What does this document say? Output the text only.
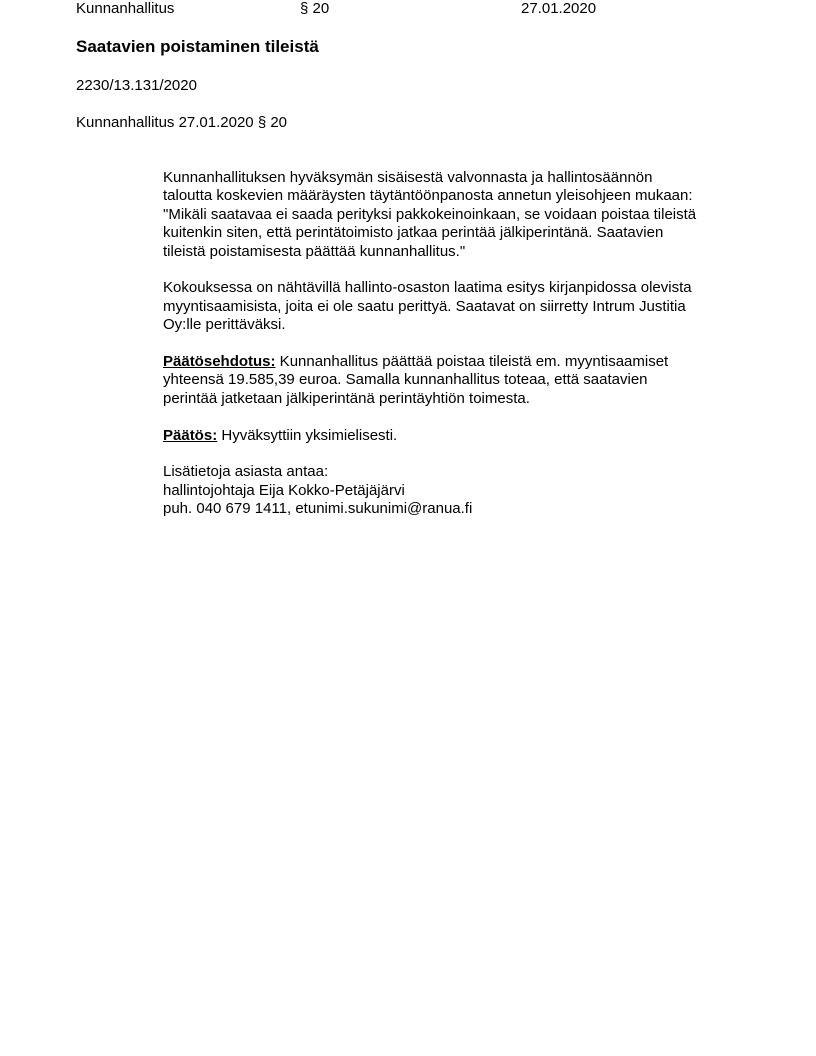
Kunnanhallitus	§ 20	27.01.2020
Saatavien poistaminen tileistä

2230/13.131/2020

Kunnanhallitus 27.01.2020 § 20

Kunnanhallituksen hyväksymän sisäisestä valvonnasta ja hallintosäännön
taloutta koskevien määräysten täytäntöönpanosta annetun yleisohjeen mukaan:
"Mikäli saatavaa ei saada perityksi pakkokeinoinkaan, se voidaan poistaa tileistä
kuitenkin siten, että perintätoimisto jatkaa perintää jälkiperintänä. Saatavien
tileistä poistamisesta päättää kunnanhallitus."

Kokouksessa on nähtävillä hallinto-osaston laatima esitys kirjanpidossa olevista
myyntisaamisista, joita ei ole saatu perittyä. Saatavat on siirretty Intrum Justitia
Oy:lle perittäväksi.

Päätösehdotus: Kunnanhallitus päättää poistaa tileistä em. myyntisaamiset
yhteensä 19.585,39 euroa. Samalla kunnanhallitus toteaa, että saatavien
perintää jatketaan jälkiperintänä perintäyhtiön toimesta.

Päätös: Hyväksyttiin yksimielisesti.

Lisätietoja asiasta antaa:
hallintojohtaja Eija Kokko-Petäjäjärvi
puh. 040 679 1411, etunimi.sukunimi@ranua.fi
